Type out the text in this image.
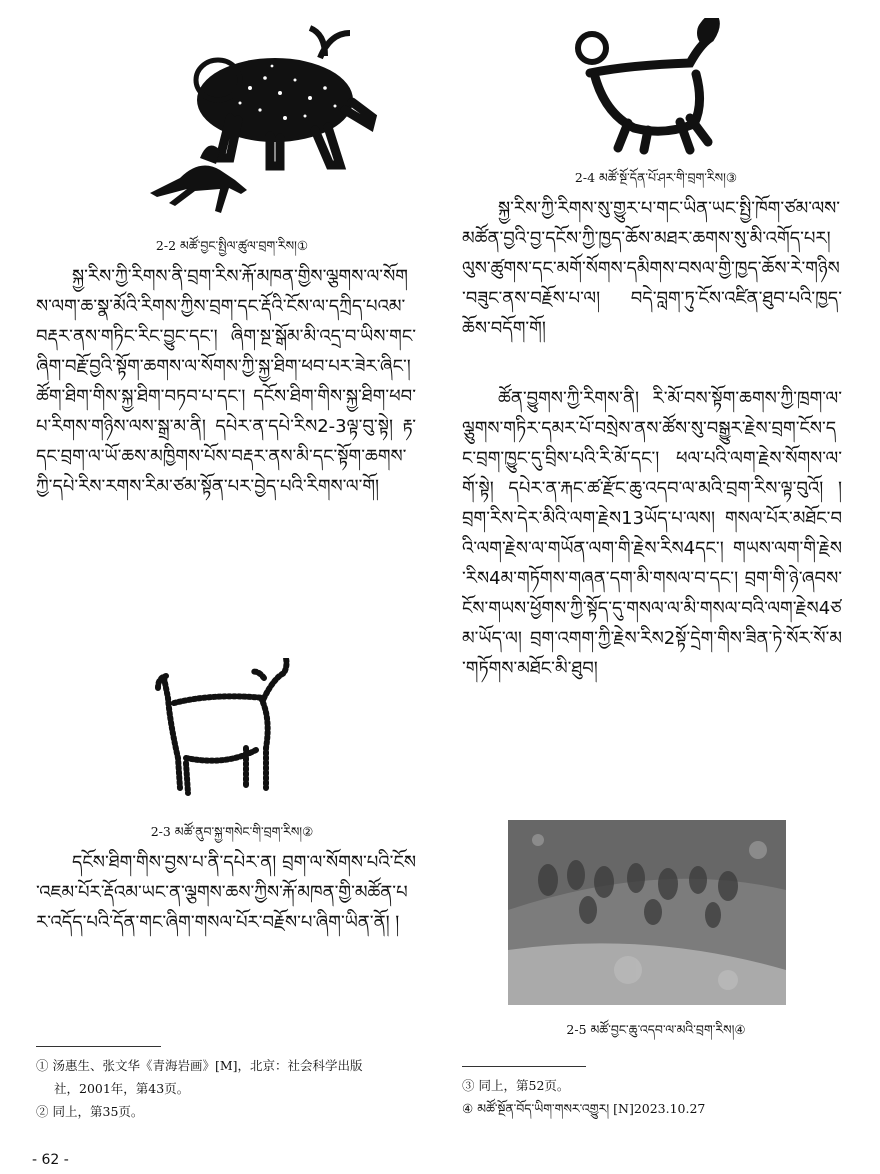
2-2 མཚོ་བྱང་སྤྱིལ་ཚུལ་བྲག་རིས།①

སྐྱ་རིས་ཀྱི་རིགས་ནི་བྲག་རིས་རྐོ་མཁན་གྱིས་ལྕགས་ལ་སོགས་ལག་ཆ་སྣ་མོའི་རིགས་ཀྱིས་བྲག་དང་རྡོའི་ངོས་ལ་དཀྲིད་པའམ་བརྡར་ནས་གཏིང་རིང་བྱུང་དང་། ཞིག་སྔ་སྒོམ་མི་འདྲ་བ་ཡིས་གང་ཞིག་བརྗོ་བྱའི་སྟོག་ཆགས་ལ་སོགས་ཀྱི་སྐྱ་ཐིག་ཕབ་པར་ཟེར་ཞིང་། ཚོག་ཐིག་གིས་སྐྱ་ཐིག་བཏབ་པ་དང་། དངོས་ཐིག་གིས་སྐྱ་ཐིག་ཕབ་པ་རིགས་གཉིས་ལས་སྒྲ་མ་ནི། དཔེར་ན་དཔེ་རིས2-3ལྟ་བུ་སྟེ། རྟ་དང་བྲག་ལ་ཡོ་ཆས་མཁྱིགས་པོས་བརྡར་ནས་མི་དང་སྟོག་ཆགས་ཀྱི་དཔེ་རིས་རགས་རིམ་ཙམ་སྟོན་པར་བྱེད་པའི་རིགས་ལ་གོ།

2-3 མཚོ་ནུབ་སྐྱ་གསེང་གི་བྲག་རིས།②

དངོས་ཐིག་གིས་བྱས་པ་ནི་དཔེར་ན། བྲག་ལ་སོགས་པའི་ངོས་འཇམ་པོར་རྡོའམ་ཡང་ན་ལྕགས་ཆས་ཀྱིས་རྐོ་མཁན་གྱི་མཚོན་པར་འདོད་པའི་དོན་གང་ཞིག་གསལ་པོར་བརྗོས་པ་ཞིག་ཡིན་ནོ། །

① 汤惠生、张文华《青海岩画》[M]，北京：社会科学出版
社，2001年，第43页。

② 同上，第35页。

- 62 -
2-4 མཚོ་སྔོ་དོན་པོ་ཤར་གི་བྲག་རིས།③

སྐྱ་རིས་ཀྱི་རིགས་སུ་གྱུར་པ་གང་ཡིན་ཡང་སྤྱི་ཁོག་ཙམ་ལས་མཚོན་བྱའི་བྱ་དངོས་ཀྱི་ཁྱད་ཆོས་མཐར་ཆགས་སུ་མི་འགོད་པར། ལུས་ཚུགས་དང་མགོ་སོགས་དམིགས་བསལ་གྱི་ཁྱད་ཆོས་རེ་གཉིས་བཟུང་ནས་བརྗོས་པ་ལ། བདེ་བླག་ཏུ་ངོས་འཛིན་ཐུབ་པའི་ཁྱད་ཆོས་བདོག་གོ།

ཚོན་བྱུགས་ཀྱི་རིགས་ནི། རི་མོ་བས་སྟོག་ཆགས་ཀྱི་ཁྲག་ལ་ལྕུགས་གཏིར་དམར་པོ་བསྲེས་ནས་ཚོས་སུ་བསྒྱུར་རྗེས་བྲག་ངོས་དང་བྲག་ཁྱུང་དུ་བྲིས་པའི་རི་མོ་དང་། ཕལ་པའི་ལག་རྗེས་སོགས་ལ་གོ་སྟེ། དཔེར་ན་རྐང་ཚ་རྫོང་ཆུ་འདབ་ལ་མའི་བྲག་རིས་ལྟ་བུའོ། །བྲག་རིས་དེར་མིའི་ལག་རྗེས13ཡོད་པ་ལས། གསལ་པོར་མཐོང་བའི་ལག་རྗེས་ལ་གཡོན་ལག་གི་རྗེས་རིས4དང་། གཡས་ལག་གི་རྗེས་རིས4མ་གཏོགས་གཞན་དག་མི་གསལ་བ་དང་། བྲག་གི་ཉེ་ཞབས་ངོས་གཡས་ཕྱོགས་ཀྱི་སྟོད་དུ་གསལ་ལ་མི་གསལ་བའི་ལག་རྗེས4ཙམ་ཡོད་ལ། བྲག་འགག་ཀྱི་རྗེས་རིས2སྟོ་དྲེག་གིས་ཟིན་ཏེ་སོར་སོ་མ་གཏོགས་མཐོང་མི་ཐུབ།

2-5 མཚོ་བྱང་ཆུ་འདབ་ལ་མའི་བྲག་རིས།④

③ 同上，第52页。

④ མཚོ་སྔོན་བོད་ཡིག་གསར་འགྱུར། [N]2023.10.27
